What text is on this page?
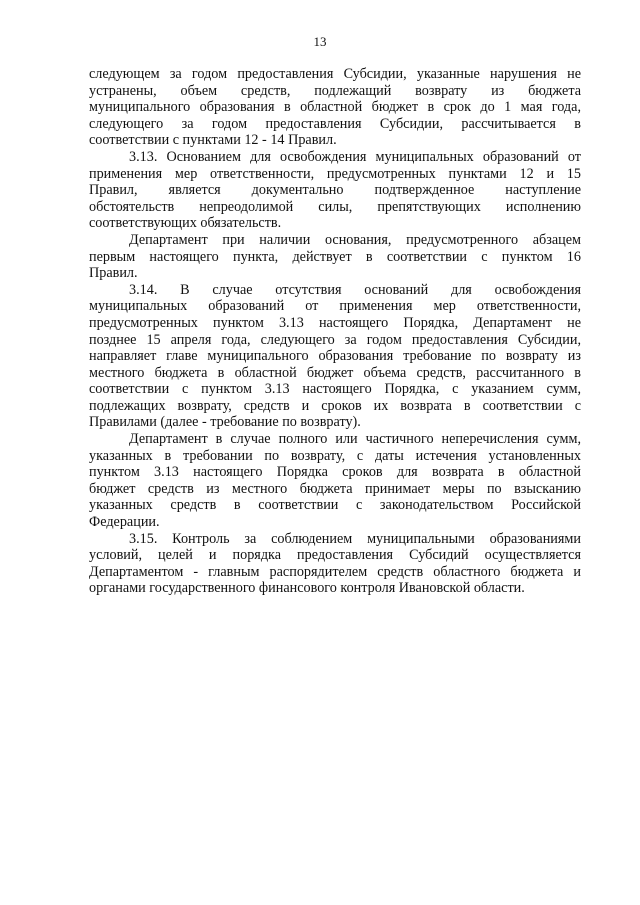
13
следующем за годом предоставления Субсидии, указанные нарушения не
устранены, объем средств, подлежащий возврату из бюджета
муниципального образования в областной бюджет в срок до 1 мая года,
следующего за годом предоставления Субсидии, рассчитывается в
соответствии с пунктами 12 - 14 Правил.
3.13. Основанием для освобождения муниципальных образований от
применения мер ответственности, предусмотренных пунктами 12 и 15
Правил, является документально подтвержденное наступление
обстоятельств непреодолимой силы, препятствующих исполнению
соответствующих обязательств.
Департамент при наличии основания, предусмотренного абзацем
первым настоящего пункта, действует в соответствии с пунктом 16
Правил.
3.14. В случае отсутствия оснований для освобождения
муниципальных образований от применения мер ответственности,
предусмотренных пунктом 3.13 настоящего Порядка, Департамент не
позднее 15 апреля года, следующего за годом предоставления Субсидии,
направляет главе муниципального образования требование по возврату из
местного бюджета в областной бюджет объема средств, рассчитанного в
соответствии с пунктом 3.13 настоящего Порядка, с указанием сумм,
подлежащих возврату, средств и сроков их возврата в соответствии с
Правилами (далее - требование по возврату).
Департамент в случае полного или частичного неперечисления сумм,
указанных в требовании по возврату, с даты истечения установленных
пунктом 3.13 настоящего Порядка сроков для возврата в областной
бюджет средств из местного бюджета принимает меры по взысканию
указанных средств в соответствии с законодательством Российской
Федерации.
3.15. Контроль за соблюдением муниципальными образованиями
условий, целей и порядка предоставления Субсидий осуществляется
Департаментом - главным распорядителем средств областного бюджета и
органами государственного финансового контроля Ивановской области.
